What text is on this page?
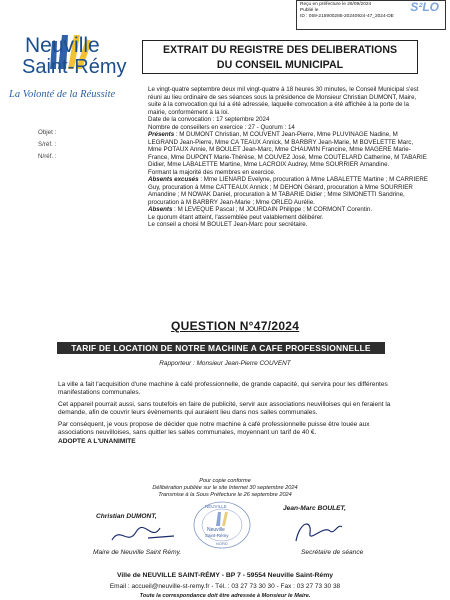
Reçu en préfecture le 26/09/2024
Publié le
ID : 059-215900285-20240924-47_2024-DE
S²LO
Neuville
Saint-Rémy
La Volonté de la Réussite
EXTRAIT DU REGISTRE DES DELIBERATIONS
DU CONSEIL MUNICIPAL
Objet :
S/réf. :
N/réf. :

Le vingt-quatre septembre deux mil vingt-quatre à 18 heures 30 minutes, le Conseil Municipal s'est réuni au lieu ordinaire de ses séances sous la présidence de Monsieur Christian DUMONT, Maire, suite à la convocation qui lui a été adressée, laquelle convocation a été affichée à la porte de la mairie, conformément à la loi.

Date de la convocation : 17 septembre 2024

Nombre de conseillers en exercice : 27 - Quorum : 14

Présents : M DUMONT Christian, M COUVENT Jean-Pierre, Mme PLUVINAGE Nadine, M LEGRAND Jean-Pierre, Mme CA TEAUX Annick, M BARBRY Jean-Marie, M BOVELETTE Marc, Mme POTAUX Annie, M BOULET Jean-Marc, Mme CHAUWIN Francine, Mme MAGERE Marie-France, Mme DUPONT Marie-Thérèse, M COUVEZ José, Mme COUTELARD Catherine, M TABARIE Didier, Mme LABALETTE Martine, Mme LACROIX Audrey, Mme SOURRIER Amandine.

Formant la majorité des membres en exercice.

Absents excusés : Mme LIENARD Evelyne, procuration à Mme LABALETTE Martine ; M CARRIERE Guy, procuration à Mme CATTEAUX Annick ; M DEHON Gérard, procuration à Mme SOURRIER Amandine ; M NOWAK Daniel, procuration à M TABARIE Didier ; Mme SIMONETTI Sandrine, procuration à M BARBRY Jean-Marie ; Mme ORLED Aurélie.

Absents : M LEVEQUE Pascal ; M JOURDAIN Philippe ; M CORMONT Corentin.

Le quorum étant atteint, l'assemblée peut valablement délibérer.

Le conseil a choisi M BOULET Jean-Marc pour secrétaire.

QUESTION N°47/2024
TARIF DE LOCATION DE NOTRE MACHINE A CAFE PROFESSIONNELLE
Rapporteur : Monsieur Jean-Pierre COUVENT

La ville a fait l'acquisition d'une machine à café professionnelle, de grande capacité, qui servira pour les différentes manifestations communales.

Cet appareil pourrait aussi, sans toutefois en faire de publicité, servir aux associations neuvilloises qui en feraient la demande, afin de couvrir leurs évènements qui auraient lieu dans nos salles communales.

Par conséquent, je vous propose de décider que notre machine à café professionnelle puisse être louée aux associations neuvilloises, sans quitter les salles communales, moyennant un tarif de 40 €.

ADOPTE A L'UNANIMITE
Pour copie conforme
Délibération publiée sur le site Internet 30 septembre 2024
Transmise à la Sous Préfecture le 26 septembre 2024
Christian DUMONT,
Jean-Marc BOULET,
NEUVILLE
Neuville
Saint-Rémy
NORD
Maire de Neuville Saint Rémy.	Secrétaire de séance
Ville de NEUVILLE SAINT-RÉMY - BP 7 - 59554 Neuville Saint-Rémy
Email : accueil@neuville-st-remy.fr - Tél. : 03 27 73 30 30 - Fax : 03 27 73 30 38
Toute la correspondance doit être adressée à Monsieur le Maire.
